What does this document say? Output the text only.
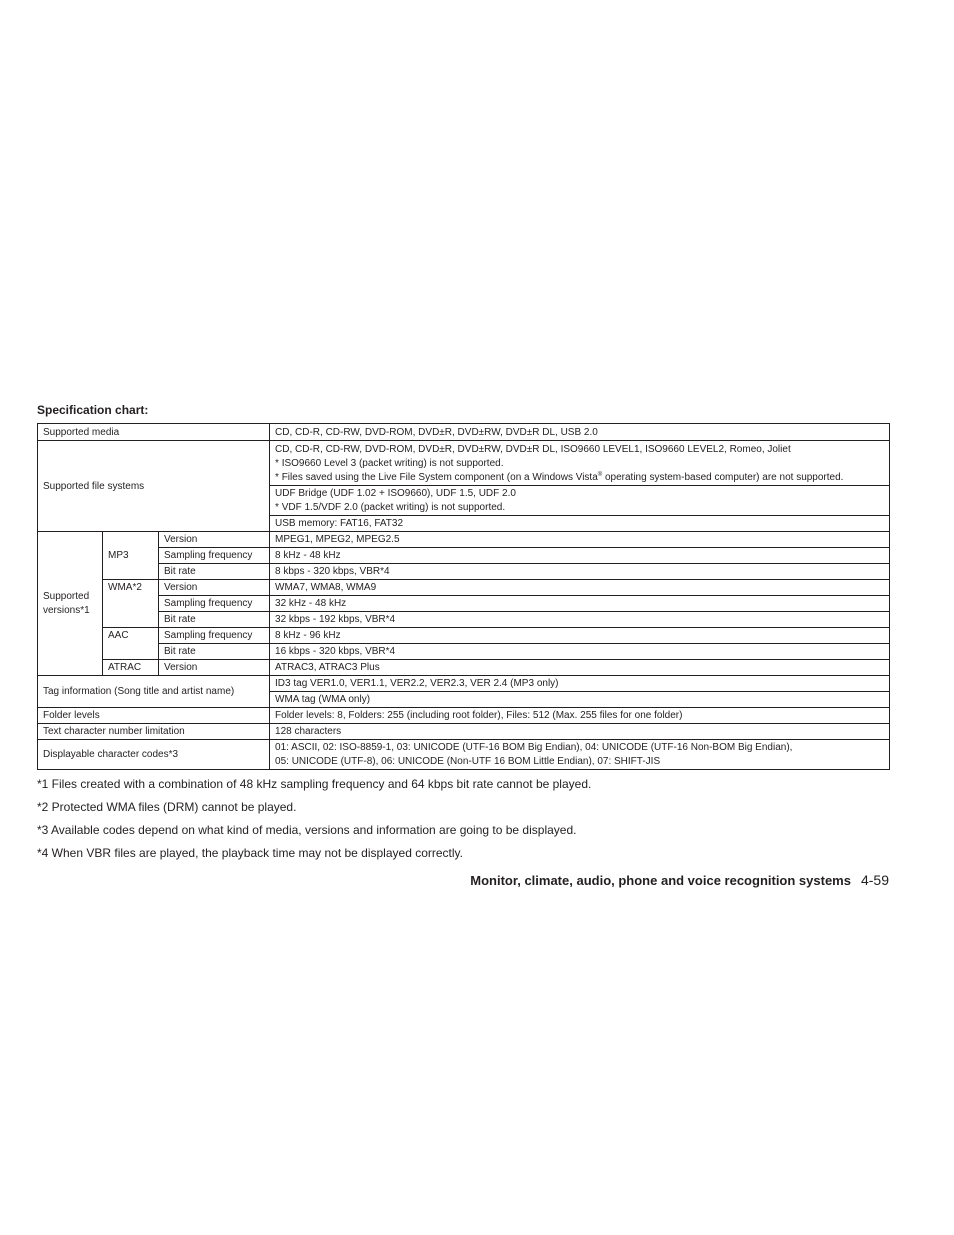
Specification chart:
Supported media			CD, CD-R, CD-RW, DVD-ROM, DVD±R, DVD±RW, DVD±R DL, USB 2.0
Supported file systems			CD, CD-R, CD-RW, DVD-ROM, DVD±R, DVD±RW, DVD±R DL, ISO9660 LEVEL1, ISO9660 LEVEL2, Romeo, Joliet
* ISO9660 Level 3 (packet writing) is not supported.
* Files saved using the Live File System component (on a Windows Vista® operating system-based computer) are not supported.

			UDF Bridge (UDF 1.02 + ISO9660), UDF 1.5, UDF 2.0
* VDF 1.5/VDF 2.0 (packet writing) is not supported.

			USB memory: FAT16, FAT32

Supported
versions*1	MP3	Version	MPEG1, MPEG2, MPEG2.5
		Sampling frequency	8 kHz - 48 kHz
		Bit rate	8 kbps - 320 kbps, VBR*4
	WMA*2	Version	WMA7, WMA8, WMA9
		Sampling frequency	32 kHz - 48 kHz
		Bit rate	32 kbps - 192 kbps, VBR*4
	AAC	Sampling frequency	8 kHz - 96 kHz
		Bit rate	16 kbps - 320 kbps, VBR*4
	ATRAC	Version	ATRAC3, ATRAC3 Plus
Tag information (Song title and artist name)			ID3 tag VER1.0, VER1.1, VER2.2, VER2.3, VER 2.4 (MP3 only)
			WMA tag (WMA only)
Folder levels			Folder levels: 8, Folders: 255 (including root folder), Files: 512 (Max. 255 files for one folder)
Text character number limitation			128 characters
Displayable character codes*3			01: ASCII, 02: ISO-8859-1, 03: UNICODE (UTF-16 BOM Big Endian), 04: UNICODE (UTF-16 Non-BOM Big Endian),
05: UNICODE (UTF-8), 06: UNICODE (Non-UTF 16 BOM Little Endian), 07: SHIFT-JIS

*1 Files created with a combination of 48 kHz sampling frequency and 64 kbps bit rate cannot be played.

*2 Protected WMA files (DRM) cannot be played.

*3 Available codes depend on what kind of media, versions and information are going to be displayed.

*4 When VBR files are played, the playback time may not be displayed correctly.

Monitor, climate, audio, phone and voice recognition systems 4-59
